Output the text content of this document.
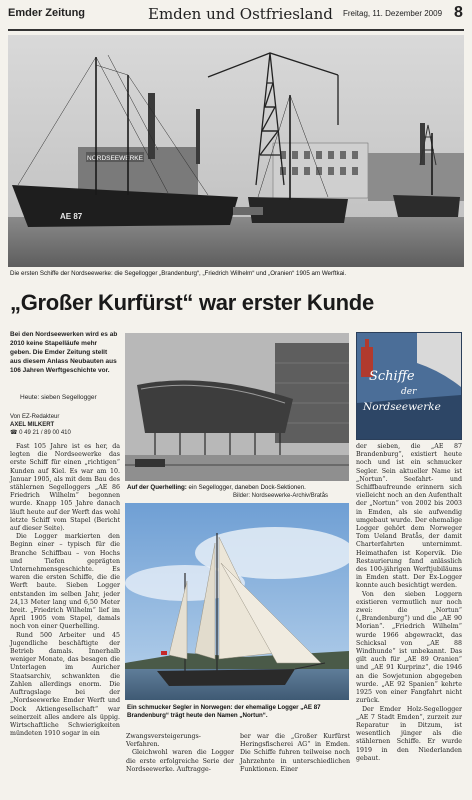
Emder Zeitung	Emden und Ostfriesland Freitag, 11. Dezember 2009 8
NORDSEEWERKE
AE 87
Die ersten Schiffe der Nordseewerke: die Segellogger „Brandenburg“, „Friedrich Wilhelm“ und „Oranien“ 1905 am Werftkai.
„Großer Kurfürst“ war erster Kunde
Bei den Nordseewerken wird es ab 2010 keine Stapelläufe mehr geben. Die Emder Zeitung stellt aus diesem Anlass Neubauten aus 106 Jahren Werftgeschichte vor.
Heute: sieben Segellogger
Von EZ-Redakteur
AXEL MILKERT
☎ 0 49 21 / 89 00 410
Auf der Querhelling: ein Segellogger, daneben Dock-Sektionen.
Bilder: Nordseewerke-Archiv/Bratås
Ein schmucker Segler in Norwegen: der ehemalige Logger „AE 87 Brandenburg“ trägt heute den Namen „Nortun“.
Schiffe
der
Nordseewerke

Fast 105 Jahre ist es her, da legten die Nordseewerke das erste Schiff für einen „richtigen“ Kunden auf Kiel. Es war am 10. Januar 1905, als mit dem Bau des stählernen Segelloggers „AE 86 Friedrich Wilhelm“ begonnen wurde. Knapp 105 Jahre danach läuft heute auf der Werft das wohl letzte Schiff vom Stapel (Bericht auf dieser Seite).

Die Logger markierten den Beginn einer – typisch für die Branche Schiffbau – von Hochs und Tiefen geprägten Unternehmensgeschichte. Es waren die ersten Schiffe, die die Werft baute. Sieben Logger entstanden im selben Jahr, jeder 24,13 Meter lang und 6,50 Meter breit. „Friedrich Wilhelm“ lief im April 1905 vom Stapel, damals noch von einer Querhelling.

Rund 500 Arbeiter und 45 Jugendliche beschäftigte der Betrieb damals. Innerhalb weniger Monate, das besagen die Unterlagen im Auricher Staatsarchiv, schwankten die Zahlen allerdings enorm. Die Auftragslage bei der „Nordseewerke Emder Werft und Dock Aktiengesellschaft“ war seinerzeit alles andere als üppig. Wirtschaftliche Schwierigkeiten mündeten 1910 sogar in ein	Zwangsversteigerungs-Verfahren.

Gleichwohl waren die Logger die erste erfolgreiche Serie der Nordseewerke. Auftragge-

ber war die „Großer Kurfürst Heringsfischerei AG“ in Emden. Die Schiffe fuhren teilweise noch Jahrzehnte in unterschiedlichen Funktionen. Einer

der sieben, die „AE 87 Brandenburg“, existiert heute noch und ist ein schmucker Segler. Sein aktueller Name ist „Nortun“. Seefahrt- und Schiffbaufreunde erinnern sich vielleicht noch an den Aufenthalt der „Nortun“ von 2002 bis 2003 in Emden, als sie aufwendig umgebaut wurde. Der ehemalige Logger gehört dem Norweger Tom Ueland Bratås, der damit Charterfahrten unternimmt. Heimathafen ist Kopervik. Die Restaurierung fand anlässlich des 100-jährigen Werftjubiläums in Emden statt. Der Ex-Logger konnte auch besichtigt werden.

Von den sieben Loggern existieren vermutlich nur noch zwei: die „Nortun“ („Brandenburg“) und die „AE 90 Morian“. „Friedrich Wilhelm“ wurde 1966 abgewrackt, das Schicksal von „AE 88 Windhunde“ ist unbekannt. Das gilt auch für „AE 89 Oranien“ und „AE 91 Kurprinz“, die 1946 an die Sowjetunion abgegeben wurde. „AE 92 Spanien“ kehrte 1925 von einer Fangfahrt nicht zurück.

Der Emder Holz-Segellogger „AE 7 Stadt Emden“, zurzeit zur Reparatur in Ditzum, ist wesentlich jünger als die stählernen Schiffe. Er wurde 1919 in den Niederlanden gebaut.
